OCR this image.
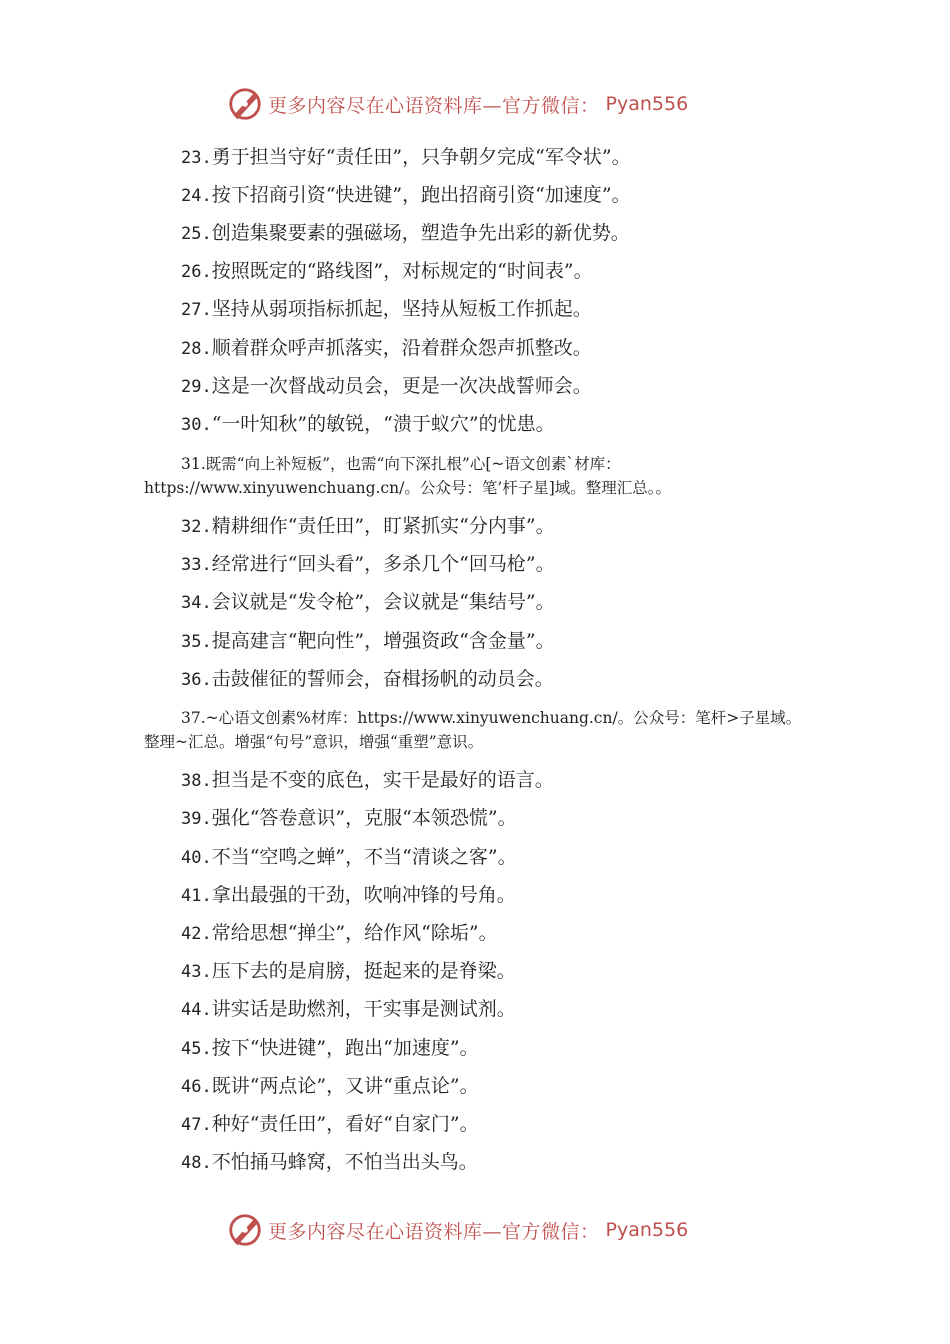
更多内容尽在心语资料库—官方微信： Pyan556
23.勇于担当守好“责任田”，只争朝夕完成“军令状”。
24.按下招商引资“快进键”，跑出招商引资“加速度”。
25.创造集聚要素的强磁场，塑造争先出彩的新优势。
26.按照既定的“路线图”，对标规定的“时间表”。
27.坚持从弱项指标抓起，坚持从短板工作抓起。
28.顺着群众呼声抓落实，沿着群众怨声抓整改。
29.这是一次督战动员会，更是一次决战誓师会。
30.“一叶知秋”的敏锐，“溃于蚁穴”的忧患。
31.既需“向上补短板”，也需“向下深扎根”心[~语文创素`材库：https://www.xinyuwenchuang.cn/。公众号：笔’杆子星]域。整理汇总。。
32.精耕细作“责任田”，盯紧抓实“分内事”。
33.经常进行“回头看”，多杀几个“回马枪”。
34.会议就是“发令枪”，会议就是“集结号”。
35.提高建言“靶向性”，增强资政“含金量”。
36.击鼓催征的誓师会，奋楫扬帆的动员会。
37.~心语文创素%材库：https://www.xinyuwenchuang.cn/。公众号：笔杆>子星域。整理~汇总。增强“句号”意识，增强“重塑”意识。
38.担当是不变的底色，实干是最好的语言。
39.强化“答卷意识”，克服“本领恐慌”。
40.不当“空鸣之蝉”，不当“清谈之客”。
41.拿出最强的干劲，吹响冲锋的号角。
42.常给思想“掸尘”，给作风“除垢”。
43.压下去的是肩膀，挺起来的是脊梁。
44.讲实话是助燃剂，干实事是测试剂。
45.按下“快进键”，跑出“加速度”。
46.既讲“两点论”，又讲“重点论”。
47.种好“责任田”，看好“自家门”。
48.不怕捅马蜂窝，不怕当出头鸟。
更多内容尽在心语资料库—官方微信： Pyan556
